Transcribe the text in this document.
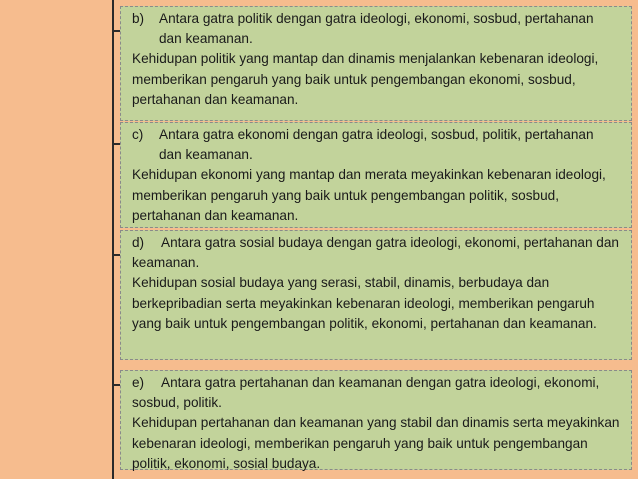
b)	Antara gatra politik dengan gatra ideologi, ekonomi, sosbud, pertahanan

dan keamanan.

Kehidupan politik yang mantap dan dinamis menjalankan kebenaran ideologi, memberikan pengaruh yang baik untuk pengembangan ekonomi, sosbud, pertahanan dan keamanan.

c)	Antara gatra ekonomi dengan gatra ideologi, sosbud, politik, pertahanan

dan keamanan.

Kehidupan ekonomi yang mantap dan merata meyakinkan kebenaran ideologi, memberikan pengaruh yang baik untuk pengembangan politik, sosbud, pertahanan dan keamanan.

d) Antara gatra sosial budaya dengan gatra ideologi, ekonomi, pertahanan dan keamanan.

Kehidupan sosial budaya yang serasi, stabil, dinamis, berbudaya dan berkepribadian serta meyakinkan kebenaran ideologi, memberikan pengaruh yang baik untuk pengembangan politik, ekonomi, pertahanan dan keamanan.

e) Antara gatra pertahanan dan keamanan dengan gatra ideologi, ekonomi, sosbud, politik.

Kehidupan pertahanan dan keamanan yang stabil dan dinamis serta meyakinkan kebenaran ideologi, memberikan pengaruh yang baik untuk pengembangan politik, ekonomi, sosial budaya.
